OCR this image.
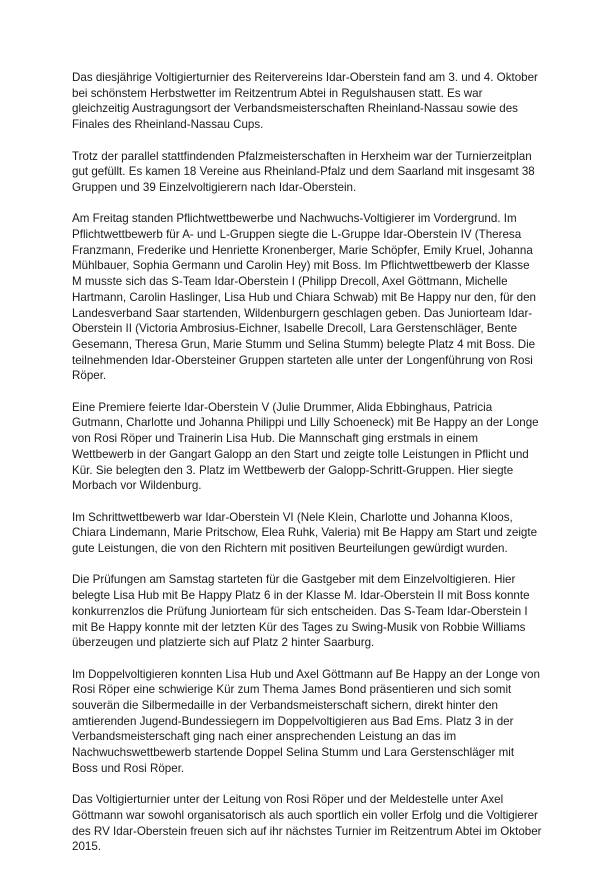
Das diesjährige Voltigierturnier des Reitervereins Idar-Oberstein fand am 3. und 4. Oktober bei schönstem Herbstwetter im Reitzentrum Abtei in Regulshausen statt. Es war gleichzeitig Austragungsort der Verbandsmeisterschaften Rheinland-Nassau sowie des Finales des Rheinland-Nassau Cups.

Trotz der parallel stattfindenden Pfalzmeisterschaften in Herxheim war der Turnierzeitplan gut gefüllt. Es kamen 18 Vereine aus Rheinland-Pfalz und dem Saarland mit insgesamt 38 Gruppen und 39 Einzelvoltigierern nach Idar-Oberstein.

Am Freitag standen Pflichtwettbewerbe und Nachwuchs-Voltigierer im Vordergrund. Im Pflichtwettbewerb für A- und L-Gruppen siegte die L-Gruppe Idar-Oberstein IV (Theresa Franzmann, Frederike und Henriette Kronenberger, Marie Schöpfer, Emily Kruel, Johanna Mühlbauer, Sophia Germann und Carolin Hey) mit Boss. Im Pflichtwettbewerb der Klasse M musste sich das S-Team Idar-Oberstein I (Philipp Drecoll, Axel Göttmann, Michelle Hartmann, Carolin Haslinger, Lisa Hub und Chiara Schwab) mit Be Happy nur den, für den Landesverband Saar startenden, Wildenburgern geschlagen geben. Das Juniorteam Idar-Oberstein II (Victoria Ambrosius-Eichner, Isabelle Drecoll, Lara Gerstenschläger, Bente Gesemann, Theresa Grun, Marie Stumm und Selina Stumm) belegte Platz 4 mit Boss. Die teilnehmenden Idar-Obersteiner Gruppen starteten alle unter der Longenführung von Rosi Röper.

Eine Premiere feierte Idar-Oberstein V (Julie Drummer, Alida Ebbinghaus, Patricia Gutmann, Charlotte und Johanna Philippi und Lilly Schoeneck) mit Be Happy an der Longe von Rosi Röper und Trainerin Lisa Hub. Die Mannschaft ging erstmals in einem Wettbewerb in der Gangart Galopp an den Start und zeigte tolle Leistungen in Pflicht und Kür. Sie belegten den 3. Platz im Wettbewerb der Galopp-Schritt-Gruppen. Hier siegte Morbach vor Wildenburg.

Im Schrittwettbewerb war Idar-Oberstein VI (Nele Klein, Charlotte und Johanna Kloos, Chiara Lindemann, Marie Pritschow, Elea Ruhk, Valeria) mit Be Happy am Start und zeigte gute Leistungen, die von den Richtern mit positiven Beurteilungen gewürdigt wurden.

Die Prüfungen am Samstag starteten für die Gastgeber mit dem Einzelvoltigieren. Hier belegte Lisa Hub mit Be Happy Platz 6 in der Klasse M. Idar-Oberstein II mit Boss konnte konkurrenzlos die Prüfung Juniorteam für sich entscheiden. Das S-Team Idar-Oberstein I mit Be Happy konnte mit der letzten Kür des Tages zu Swing-Musik von Robbie Williams überzeugen und platzierte sich auf Platz 2 hinter Saarburg.

Im Doppelvoltigieren konnten Lisa Hub und Axel Göttmann auf Be Happy an der Longe von Rosi Röper eine schwierige Kür zum Thema James Bond präsentieren und sich somit souverän die Silbermedaille in der Verbandsmeisterschaft sichern, direkt hinter den amtierenden Jugend-Bundessiegern im Doppelvoltigieren aus Bad Ems. Platz 3 in der Verbandsmeisterschaft ging nach einer ansprechenden Leistung an das im Nachwuchswettbewerb startende Doppel Selina Stumm und Lara Gerstenschläger mit Boss und Rosi Röper.

Das Voltigierturnier unter der Leitung von Rosi Röper und der Meldestelle unter Axel Göttmann war sowohl organisatorisch als auch sportlich ein voller Erfolg und die Voltigierer des RV Idar-Oberstein freuen sich auf ihr nächstes Turnier im Reitzentrum Abtei im Oktober 2015.
